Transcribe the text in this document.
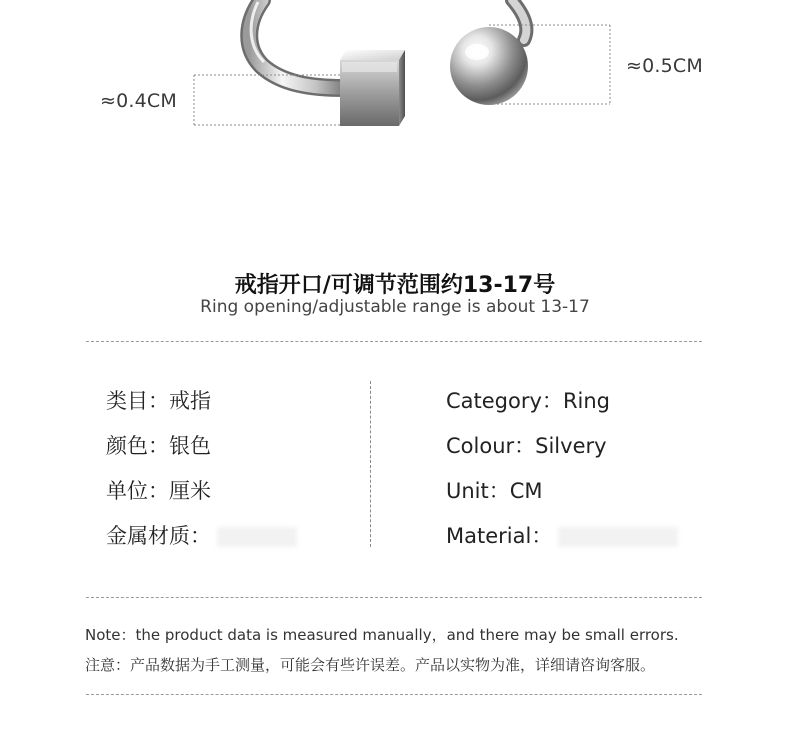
≈0.4CM
≈0.5CM
戒指开口/可调节范围约13-17号
Ring opening/adjustable range is about 13-17
类目：戒指
颜色：银色
单位：厘米
金属材质：
Category：Ring
Colour：Silvery
Unit：CM
Material：
Note：the product data is measured manually，and there may be small errors.
注意：产品数据为手工测量，可能会有些许误差。产品以实物为准，详细请咨询客服。
